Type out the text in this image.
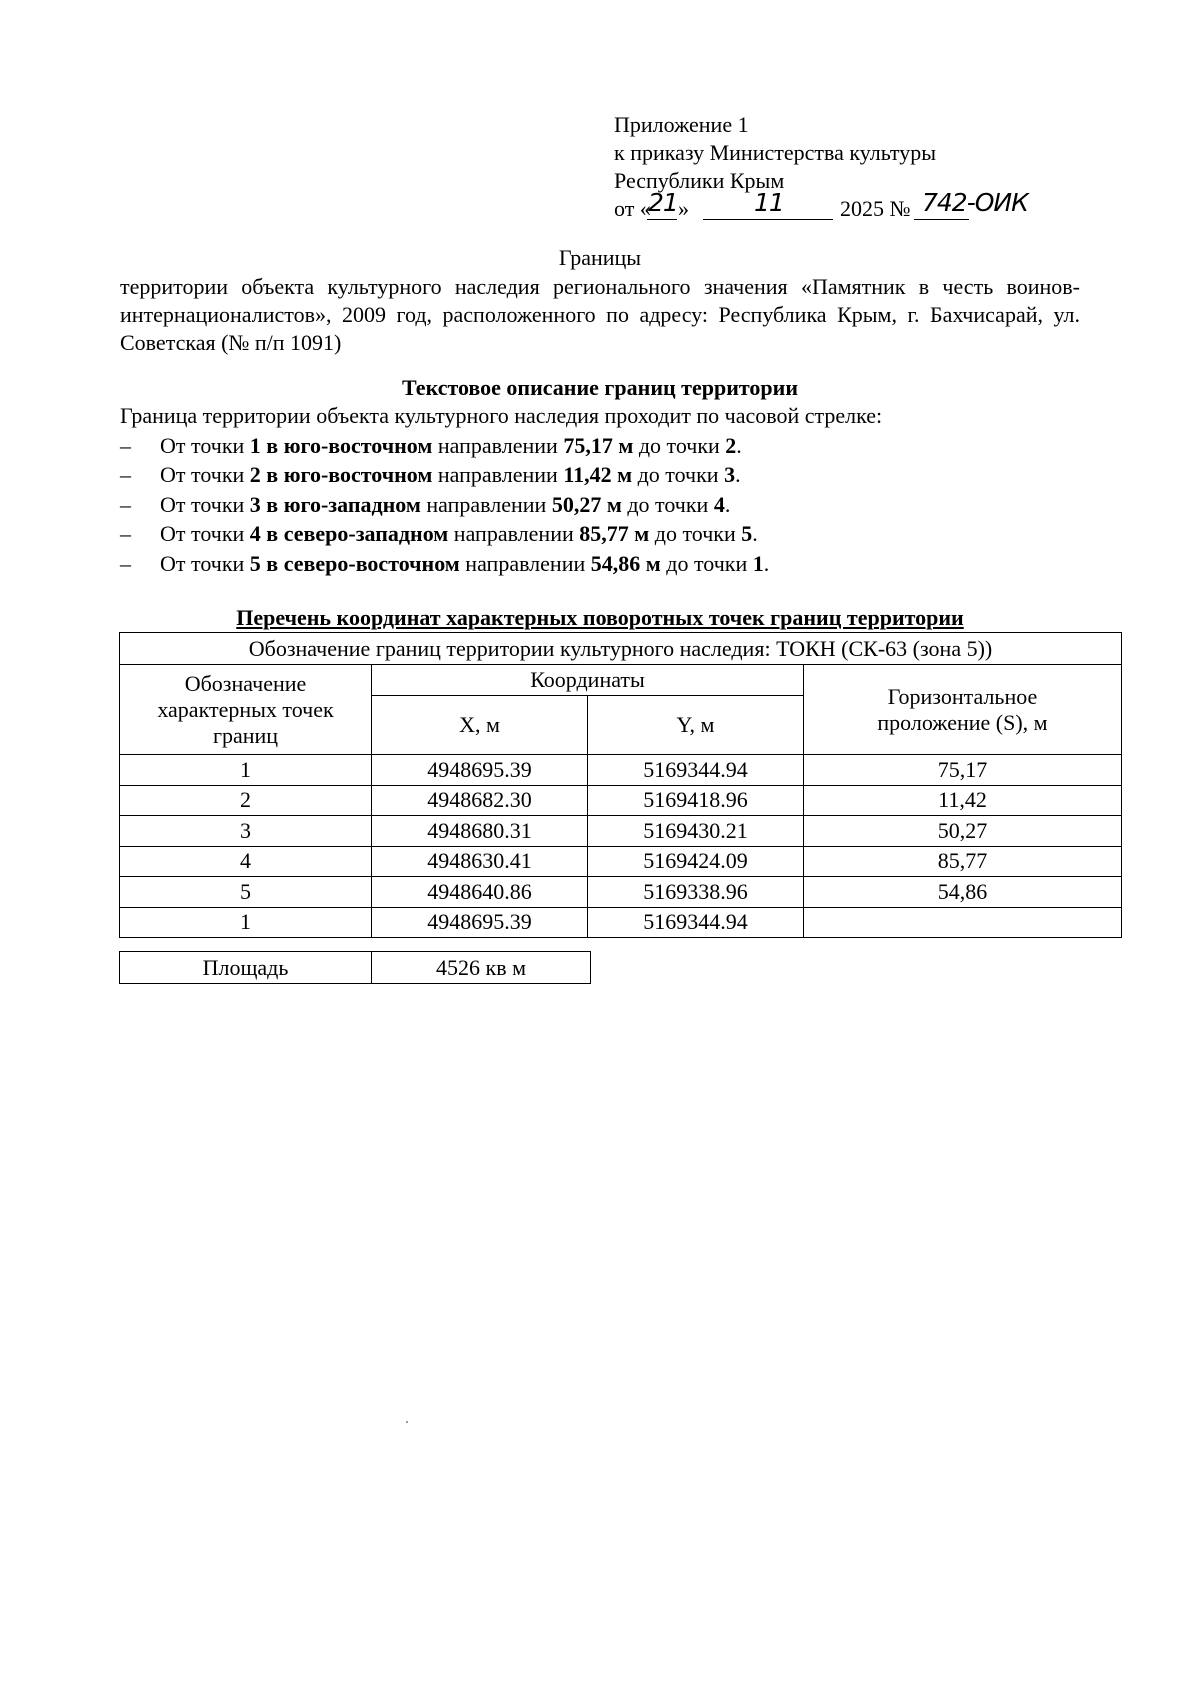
Приложение 1
к приказу Министерства культуры
Республики Крым
от «
21 »	11	2025 № 742-ОИК
Границы
территории объекта культурного наследия регионального значения «Памятник в честь воинов-интернационалистов», 2009 год, расположенного по адресу: Республика Крым, г. Бахчисарай, ул. Советская (№ п/п 1091)
Текстовое описание границ территории
Граница территории объекта культурного наследия проходит по часовой стрелке:
– От точки 1 в юго-восточном направлении 75,17 м до точки 2.
– От точки 2 в юго-восточном направлении 11,42 м до точки 3.
– От точки 3 в юго-западном направлении 50,27 м до точки 4.
– От точки 4 в северо-западном направлении 85,77 м до точки 5.
– От точки 5 в северо-восточном направлении 54,86 м до точки 1.
Перечень координат характерных поворотных точек границ территории
Обозначение границ территории культурного наследия: ТОКН (СК-63 (зона 5))			

Обозначение характерных точек границ	Координаты		Горизонтальное проложение (S), м

	X, м	Y, м	
1	4948695.39	5169344.94	75,17
2	4948682.30	5169418.96	11,42
3	4948680.31	5169430.21	50,27
4	4948630.41	5169424.09	85,77
5	4948640.86	5169338.96	54,86
1	4948695.39	5169344.94	
Площадь	4526 кв м
